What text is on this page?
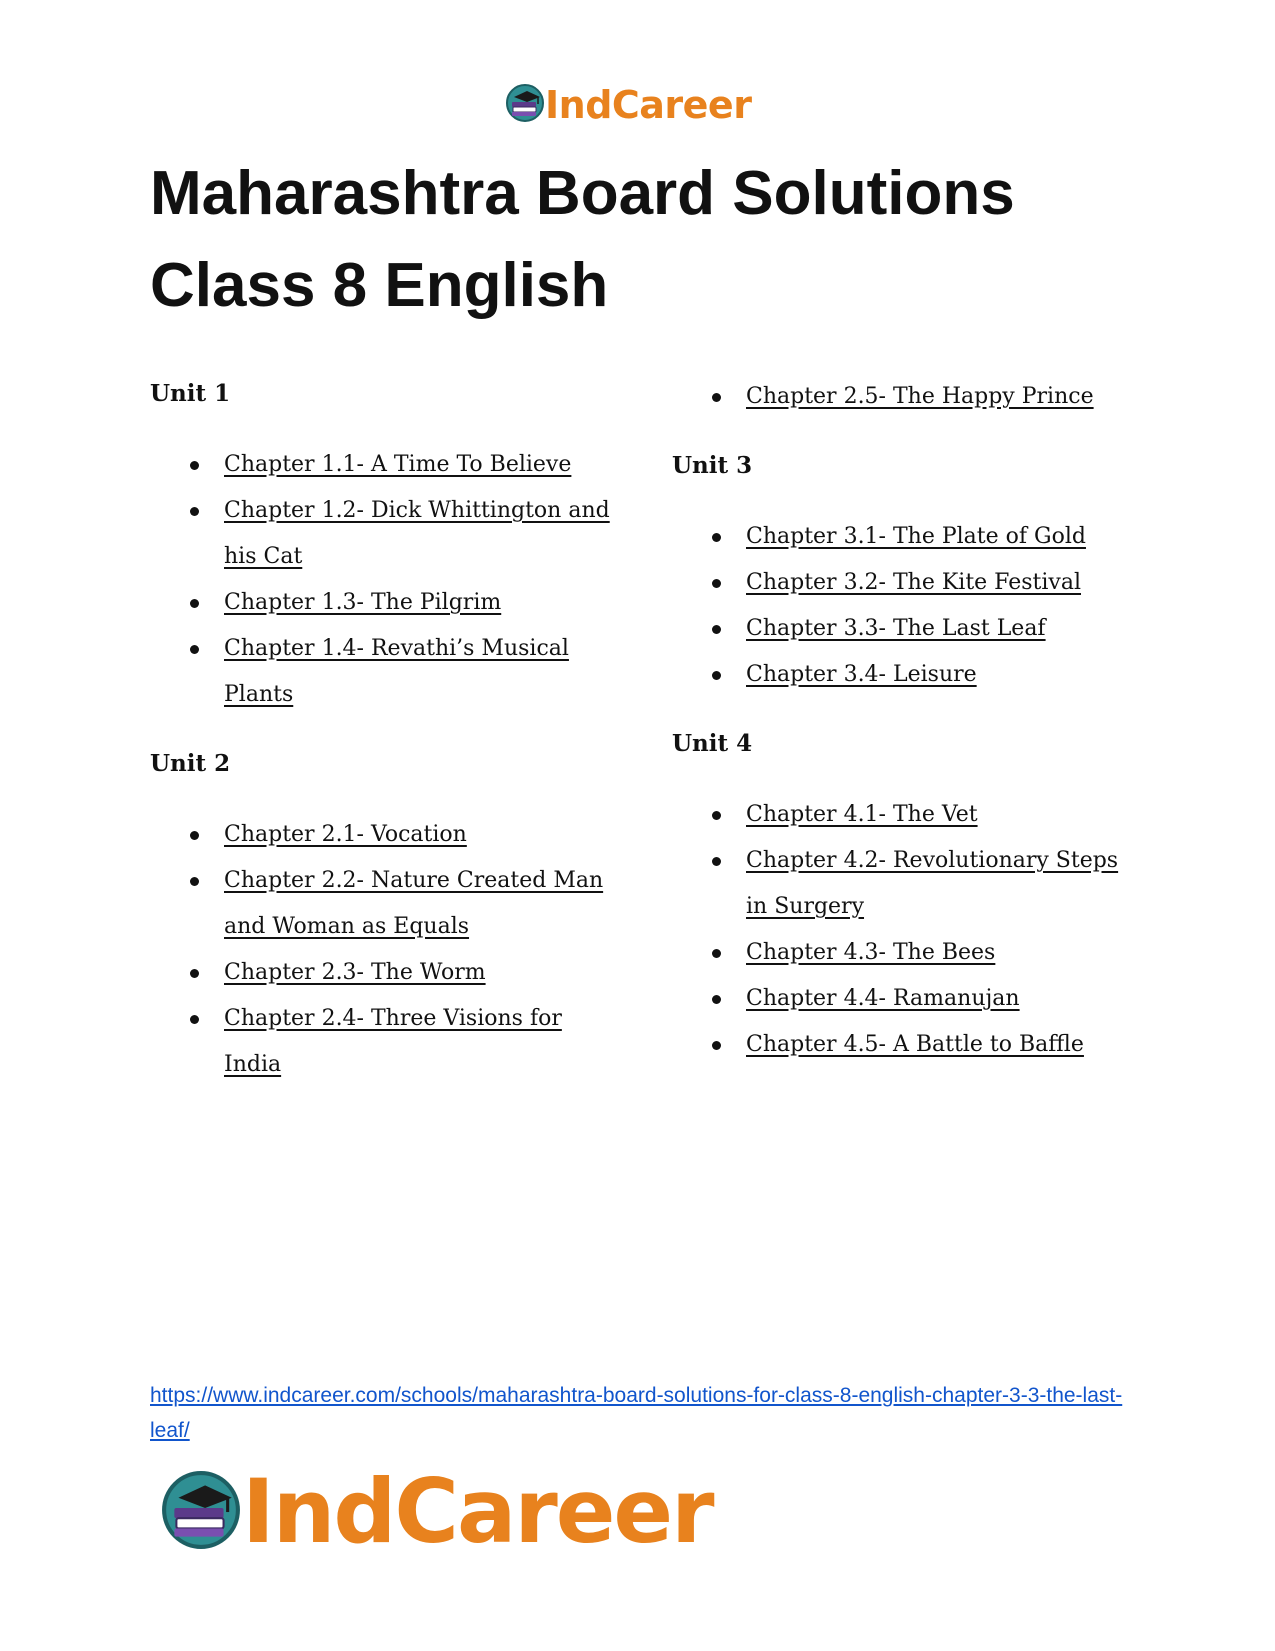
IndCareer
Maharashtra Board Solutions
Class 8 English
Unit 1
Chapter 1.1- A Time To Believe
Chapter 1.2- Dick Whittington and his Cat
Chapter 1.3- The Pilgrim
Chapter 1.4- Revathi’s Musical Plants
Unit 2
Chapter 2.1- Vocation
Chapter 2.2- Nature Created Man and Woman as Equals
Chapter 2.3- The Worm
Chapter 2.4- Three Visions for India
Chapter 2.5- The Happy Prince
Unit 3
Chapter 3.1- The Plate of Gold
Chapter 3.2- The Kite Festival
Chapter 3.3- The Last Leaf
Chapter 3.4- Leisure
Unit 4
Chapter 4.1- The Vet
Chapter 4.2- Revolutionary Steps in Surgery
Chapter 4.3- The Bees
Chapter 4.4- Ramanujan
Chapter 4.5- A Battle to Baffle
https://www.indcareer.com/schools/maharashtra-board-solutions-for-class-8-english-chapter-3-3-the-last-leaf/
IndCareer
